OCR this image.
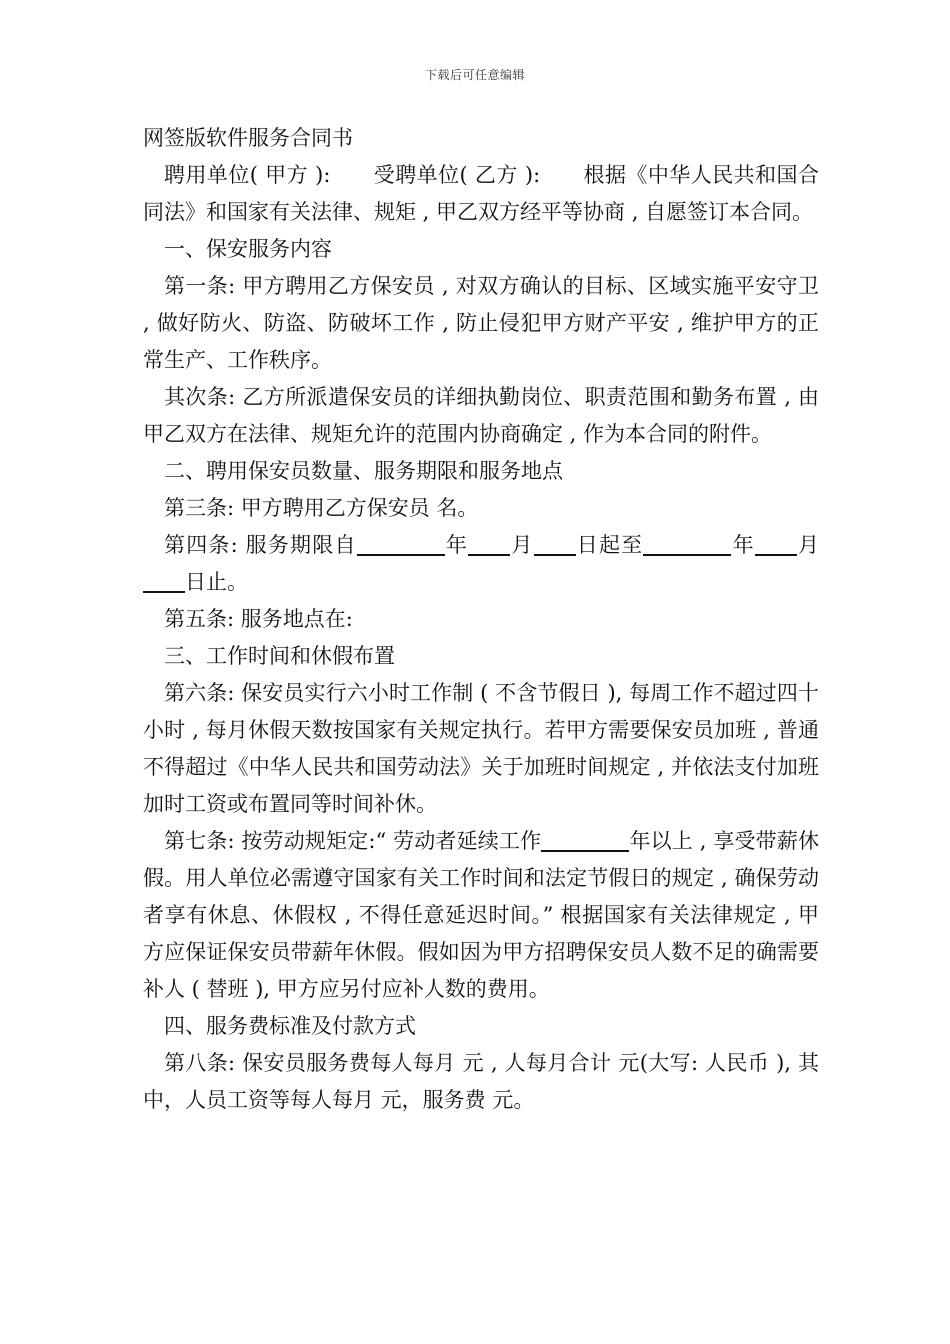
下载后可任意编辑
网签版软件服务合同书

聘用单位( 甲方 ):　　受聘单位( 乙方 ):　　根据《中华人民共和国合同法》和国家有关法律、规矩 , 甲乙双方经平等协商 , 自愿签订本合同。

一、保安服务内容

第一条: 甲方聘用乙方保安员 , 对双方确认的目标、区域实施平安守卫 , 做好防火、防盗、防破坏工作 , 防止侵犯甲方财产平安 , 维护甲方的正常生产、工作秩序。

其次条: 乙方所派遣保安员的详细执勤岗位、职责范围和勤务布置 , 由甲乙双方在法律、规矩允许的范围内协商确定 , 作为本合同的附件。

二、聘用保安员数量、服务期限和服务地点

第三条: 甲方聘用乙方保安员 名。

第四条: 服务期限自	年 月 日起至	年 月日止。

第五条: 服务地点在:

三、工作时间和休假布置

第六条: 保安员实行六小时工作制 ( 不含节假日 ), 每周工作不超过四十小时 , 每月休假天数按国家有关规定执行。若甲方需要保安员加班 , 普通不得超过《中华人民共和国劳动法》关于加班时间规定 , 并依法支付加班加时工资或布置同等时间补休。

第七条: 按劳动规矩定:“ 劳动者延续工作	年以上 , 享受带薪休假。用人单位必需遵守国家有关工作时间和法定节假日的规定 , 确保劳动者享有休息、休假权 , 不得任意延迟时间。” 根据国家有关法律规定 , 甲方应保证保安员带薪年休假。假如因为甲方招聘保安员人数不足的确需要补人 ( 替班 ), 甲方应另付应补人数的费用。

四、服务费标准及付款方式

第八条: 保安员服务费每人每月 元 , 人每月合计 元(大写: 人民币 ), 其中，人员工资等每人每月 元，服务费 元。
